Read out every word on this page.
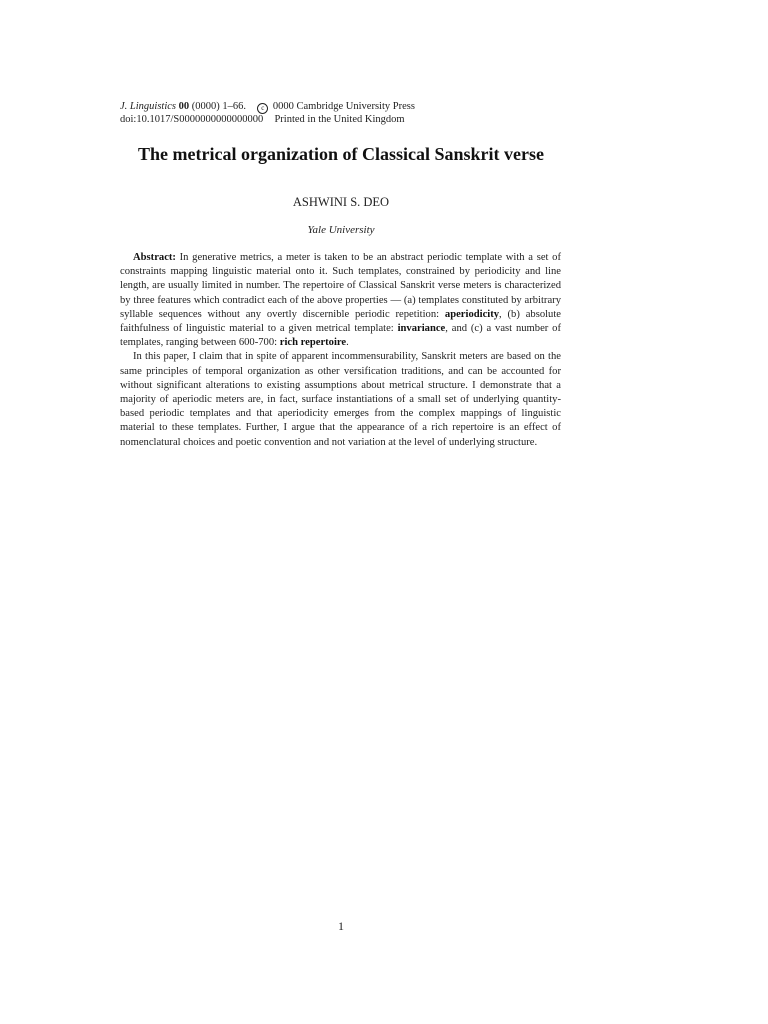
J. Linguistics 00 (0000) 1–66. c 0000 Cambridge University Press
doi:10.1017/S0000000000000000 Printed in the United Kingdom
The metrical organization of Classical Sanskrit verse
ASHWINI S. DEO
Yale University

Abstract: In generative metrics, a meter is taken to be an abstract periodic template with a set of constraints mapping linguistic material onto it. Such templates, constrained by periodicity and line length, are usually limited in number. The repertoire of Classical Sanskrit verse meters is characterized by three features which contradict each of the above properties — (a) templates constituted by arbitrary syllable sequences without any overtly discernible periodic repetition: aperiodicity, (b) absolute faithfulness of linguistic material to a given metrical template: invariance, and (c) a vast number of templates, ranging between 600-700: rich repertoire.

In this paper, I claim that in spite of apparent incommensurability, Sanskrit meters are based on the same principles of temporal organization as other versification traditions, and can be accounted for without significant alterations to existing assumptions about metrical structure. I demonstrate that a majority of aperiodic meters are, in fact, surface instantiations of a small set of underlying quantity-based periodic templates and that aperiodicity emerges from the complex mappings of linguistic material to these templates. Further, I argue that the appearance of a rich repertoire is an effect of nomenclatural choices and poetic convention and not variation at the level of underlying structure.

1
